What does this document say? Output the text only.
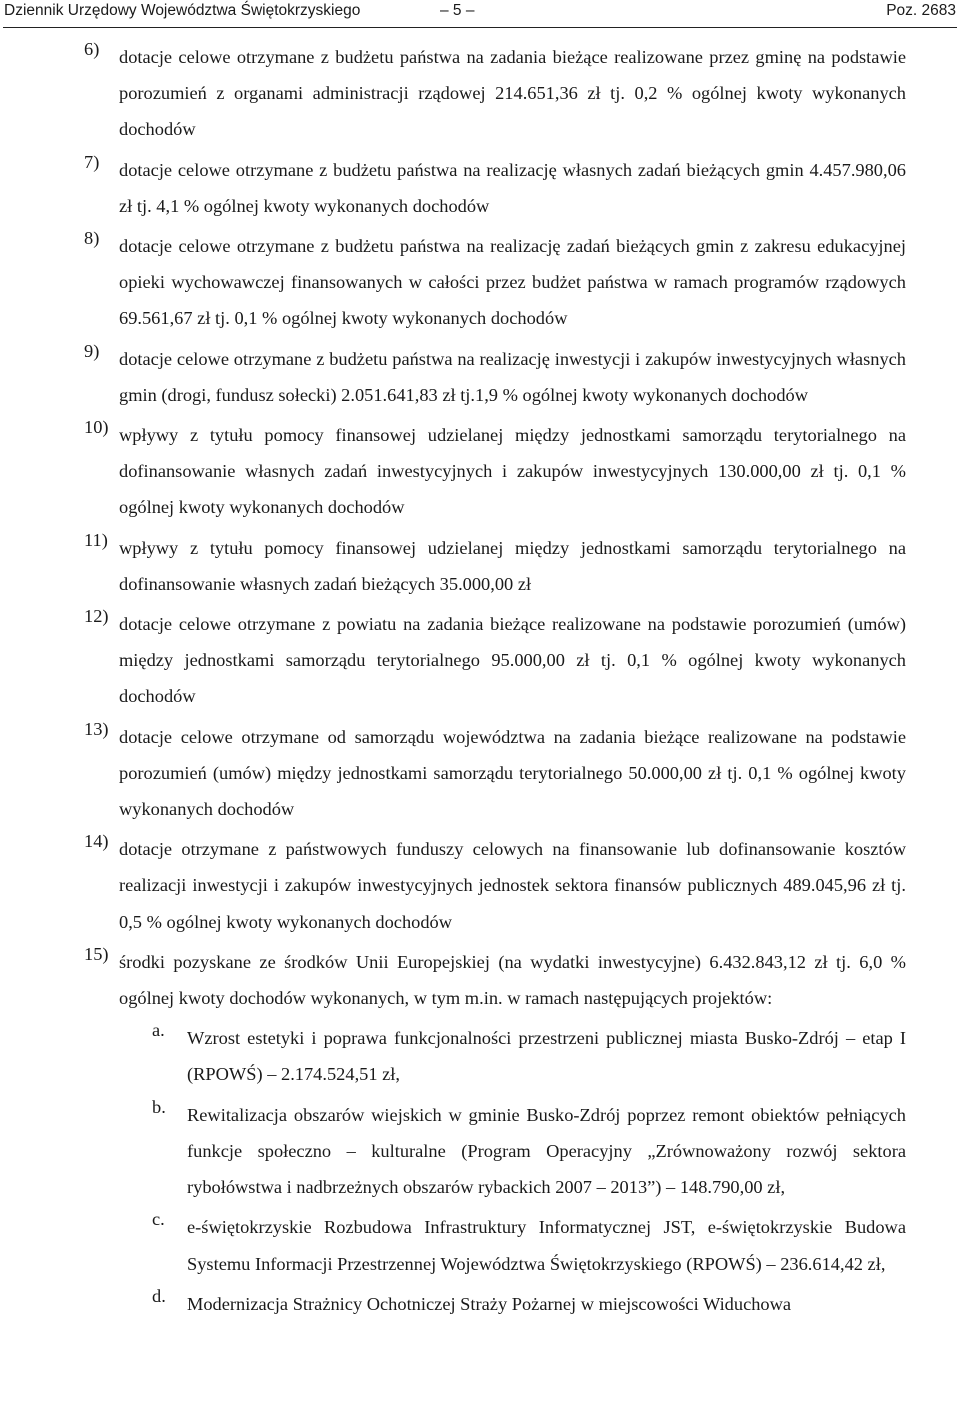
Dziennik Urzędowy Województwa Świętokrzyskiego	– 5 –	Poz. 2683
6) dotacje celowe otrzymane z budżetu państwa na zadania bieżące realizowane przez gminę na podstawie porozumień z organami administracji rządowej 214.651,36 zł tj. 0,2 % ogólnej kwoty wykonanych dochodów
7) dotacje celowe otrzymane z budżetu państwa na realizację własnych zadań bieżących gmin 4.457.980,06 zł tj. 4,1 % ogólnej kwoty wykonanych dochodów
8) dotacje celowe otrzymane z budżetu państwa na realizację zadań bieżących gmin z zakresu edukacyjnej opieki wychowawczej finansowanych w całości przez budżet państwa w ramach programów rządowych 69.561,67 zł tj. 0,1 % ogólnej kwoty wykonanych dochodów
9) dotacje celowe otrzymane z budżetu państwa na realizację inwestycji i zakupów inwestycyjnych własnych gmin (drogi, fundusz sołecki) 2.051.641,83 zł tj.1,9 % ogólnej kwoty wykonanych dochodów
10) wpływy z tytułu pomocy finansowej udzielanej między jednostkami samorządu terytorialnego na dofinansowanie własnych zadań inwestycyjnych i zakupów inwestycyjnych 130.000,00 zł tj. 0,1 % ogólnej kwoty wykonanych dochodów
11) wpływy z tytułu pomocy finansowej udzielanej między jednostkami samorządu terytorialnego na dofinansowanie własnych zadań bieżących 35.000,00 zł
12) dotacje celowe otrzymane z powiatu na zadania bieżące realizowane na podstawie porozumień (umów) między jednostkami samorządu terytorialnego 95.000,00 zł tj. 0,1 % ogólnej kwoty wykonanych dochodów
13) dotacje celowe otrzymane od samorządu województwa na zadania bieżące realizowane na podstawie porozumień (umów) między jednostkami samorządu terytorialnego 50.000,00 zł tj. 0,1 % ogólnej kwoty wykonanych dochodów
14) dotacje otrzymane z państwowych funduszy celowych na finansowanie lub dofinansowanie kosztów realizacji inwestycji i zakupów inwestycyjnych jednostek sektora finansów publicznych 489.045,96 zł tj. 0,5 % ogólnej kwoty wykonanych dochodów
15) środki pozyskane ze środków Unii Europejskiej (na wydatki inwestycyjne) 6.432.843,12 zł tj. 6,0 % ogólnej kwoty dochodów wykonanych, w tym m.in. w ramach następujących projektów:
a. Wzrost estetyki i poprawa funkcjonalności przestrzeni publicznej miasta Busko-Zdrój – etap I (RPOWŚ) – 2.174.524,51 zł,
b. Rewitalizacja obszarów wiejskich w gminie Busko-Zdrój poprzez remont obiektów pełniących funkcje społeczno – kulturalne (Program Operacyjny „Zrównoważony rozwój sektora rybołówstwa i nadbrzeżnych obszarów rybackich 2007 – 2013”) – 148.790,00 zł,
c. e-świętokrzyskie Rozbudowa Infrastruktury Informatycznej JST, e-świętokrzyskie Budowa Systemu Informacji Przestrzennej Województwa Świętokrzyskiego (RPOWŚ) – 236.614,42 zł,
d. Modernizacja Strażnicy Ochotniczej Straży Pożarnej w miejscowości Widuchowa
